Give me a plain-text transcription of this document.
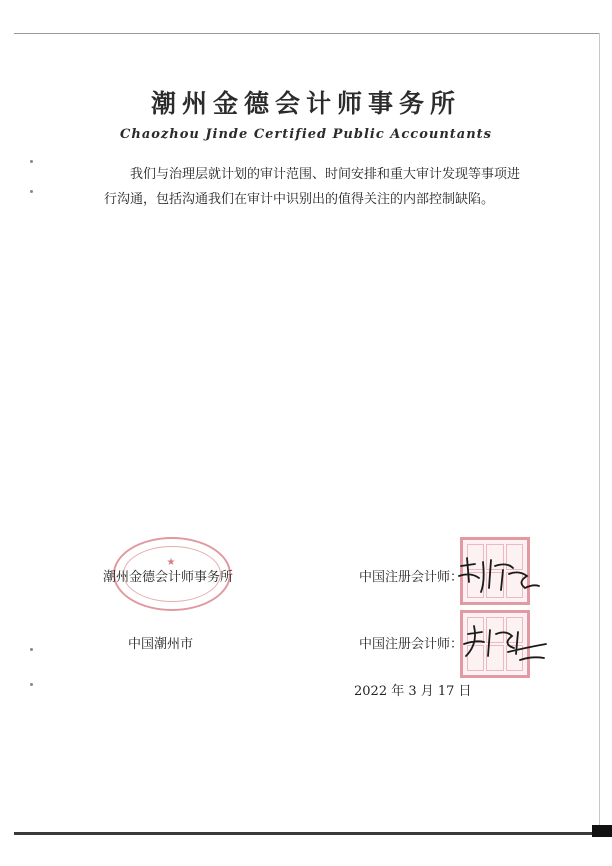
潮州金德会计师事务所
Chaozhou Jinde Certified Public Accountants
我们与治理层就计划的审计范围、时间安排和重大审计发现等事项进行沟通，包括沟通我们在审计中识别出的值得关注的内部控制缺陷。
★
潮州金德会计师事务所	中国注册会计师：
中国潮州市	中国注册会计师：
2022 年 3 月 17 日
